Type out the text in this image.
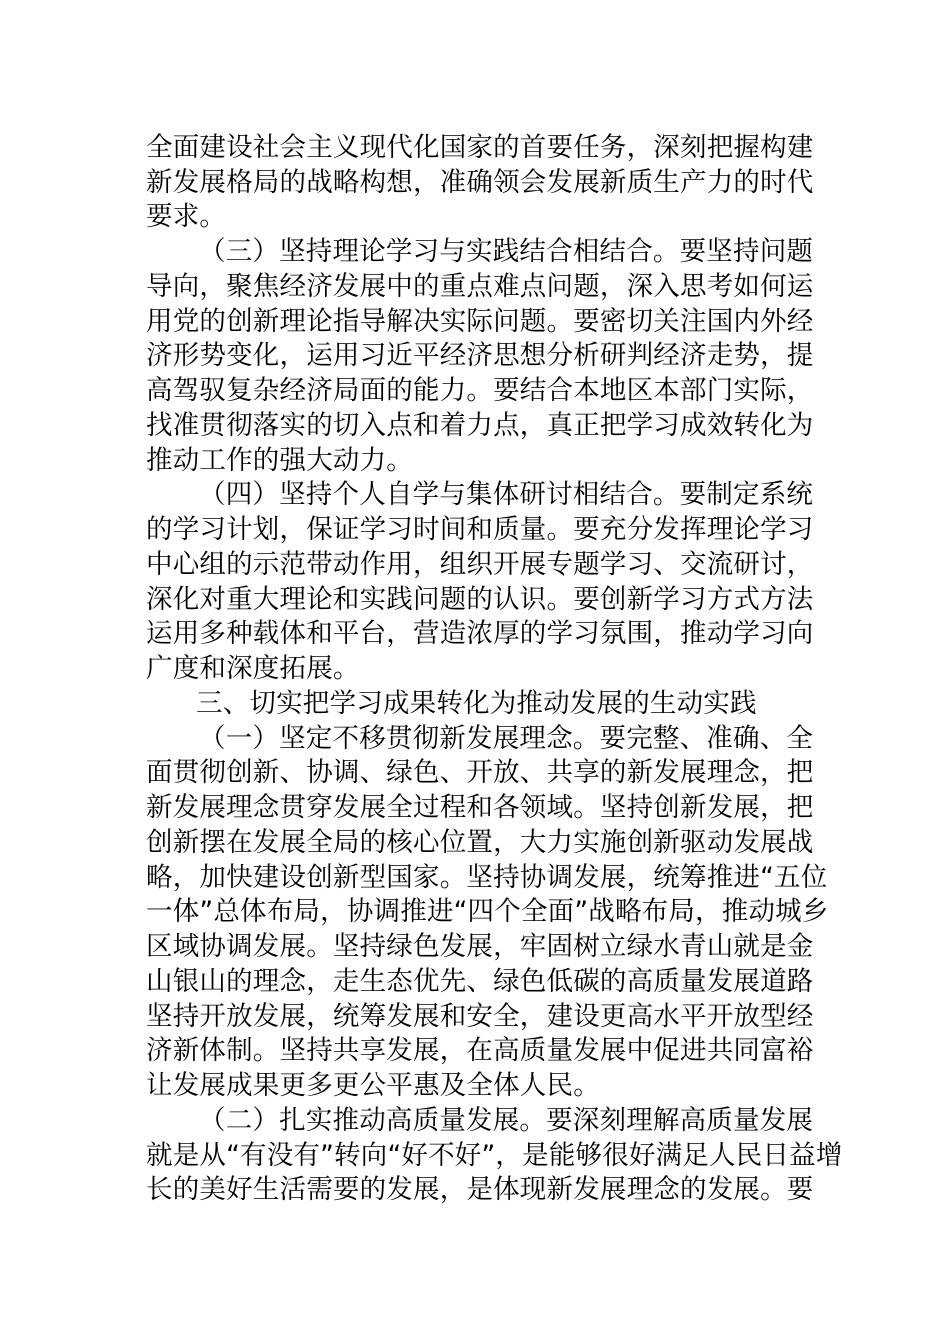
全面建设社会主义现代化国家的首要任务，深刻把握构建
新发展格局的战略构想，准确领会发展新质生产力的时代
要求。
（三）坚持理论学习与实践结合相结合。要坚持问题
导向，聚焦经济发展中的重点难点问题，深入思考如何运
用党的创新理论指导解决实际问题。要密切关注国内外经
济形势变化，运用习近平经济思想分析研判经济走势，提
高驾驭复杂经济局面的能力。要结合本地区本部门实际，
找准贯彻落实的切入点和着力点，真正把学习成效转化为
推动工作的强大动力。
（四）坚持个人自学与集体研讨相结合。要制定系统
的学习计划，保证学习时间和质量。要充分发挥理论学习
中心组的示范带动作用，组织开展专题学习、交流研讨，
深化对重大理论和实践问题的认识。要创新学习方式方法
运用多种载体和平台，营造浓厚的学习氛围，推动学习向
广度和深度拓展。
三、切实把学习成果转化为推动发展的生动实践
（一）坚定不移贯彻新发展理念。要完整、准确、全
面贯彻创新、协调、绿色、开放、共享的新发展理念，把
新发展理念贯穿发展全过程和各领域。坚持创新发展，把
创新摆在发展全局的核心位置，大力实施创新驱动发展战
略，加快建设创新型国家。坚持协调发展，统筹推进“五位
一体”总体布局，协调推进“四个全面”战略布局，推动城乡
区域协调发展。坚持绿色发展，牢固树立绿水青山就是金
山银山的理念，走生态优先、绿色低碳的高质量发展道路
坚持开放发展，统筹发展和安全，建设更高水平开放型经
济新体制。坚持共享发展，在高质量发展中促进共同富裕
让发展成果更多更公平惠及全体人民。
（二）扎实推动高质量发展。要深刻理解高质量发展
就是从“有没有”转向“好不好”，是能够很好满足人民日益增
长的美好生活需要的发展，是体现新发展理念的发展。要
